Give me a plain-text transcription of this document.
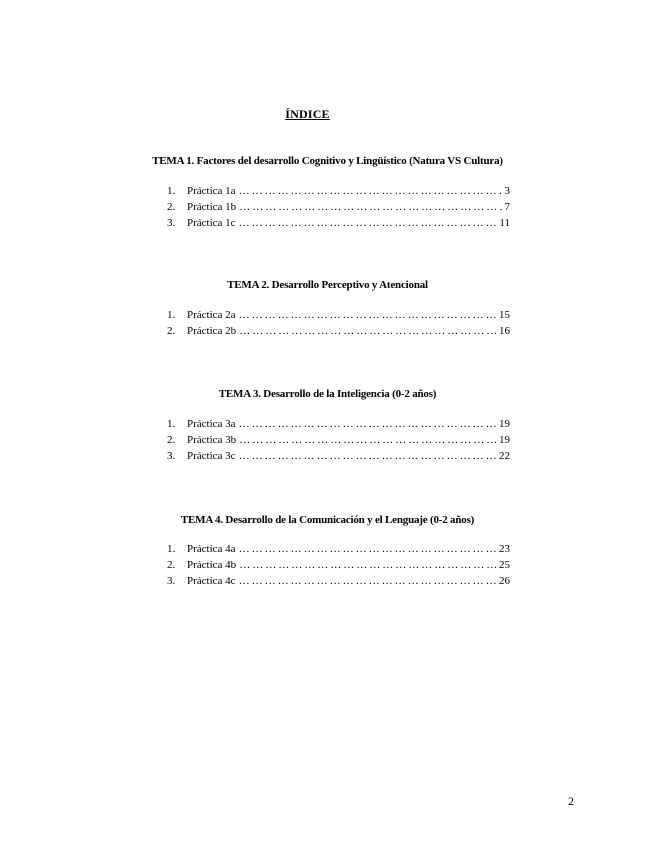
ÍNDICE
TEMA 1. Factores del desarrollo Cognitivo y Lingüístico (Natura VS Cultura)
1.	Práctica 1a …………………………………………………………………………………………………………	3
2.	Práctica 1b …………………………………………………………………………………………………………	7
3.	Práctica 1c …………………………………………………………………………………………………………	11
TEMA 2. Desarrollo Perceptivo y Atencional
1.	Práctica 2a …………………………………………………………………………………………………………	15
2.	Práctica 2b …………………………………………………………………………………………………………	16
TEMA 3. Desarrollo de la Inteligencia (0-2 años)
1.	Práctica 3a …………………………………………………………………………………………………………	19
2.	Práctica 3b …………………………………………………………………………………………………………	19
3.	Práctica 3c …………………………………………………………………………………………………………	22
TEMA 4. Desarrollo de la Comunicación y el Lenguaje (0-2 años)
1.	Práctica 4a …………………………………………………………………………………………………………	23
2.	Práctica 4b …………………………………………………………………………………………………………	25
3.	Práctica 4c …………………………………………………………………………………………………………	26
2
